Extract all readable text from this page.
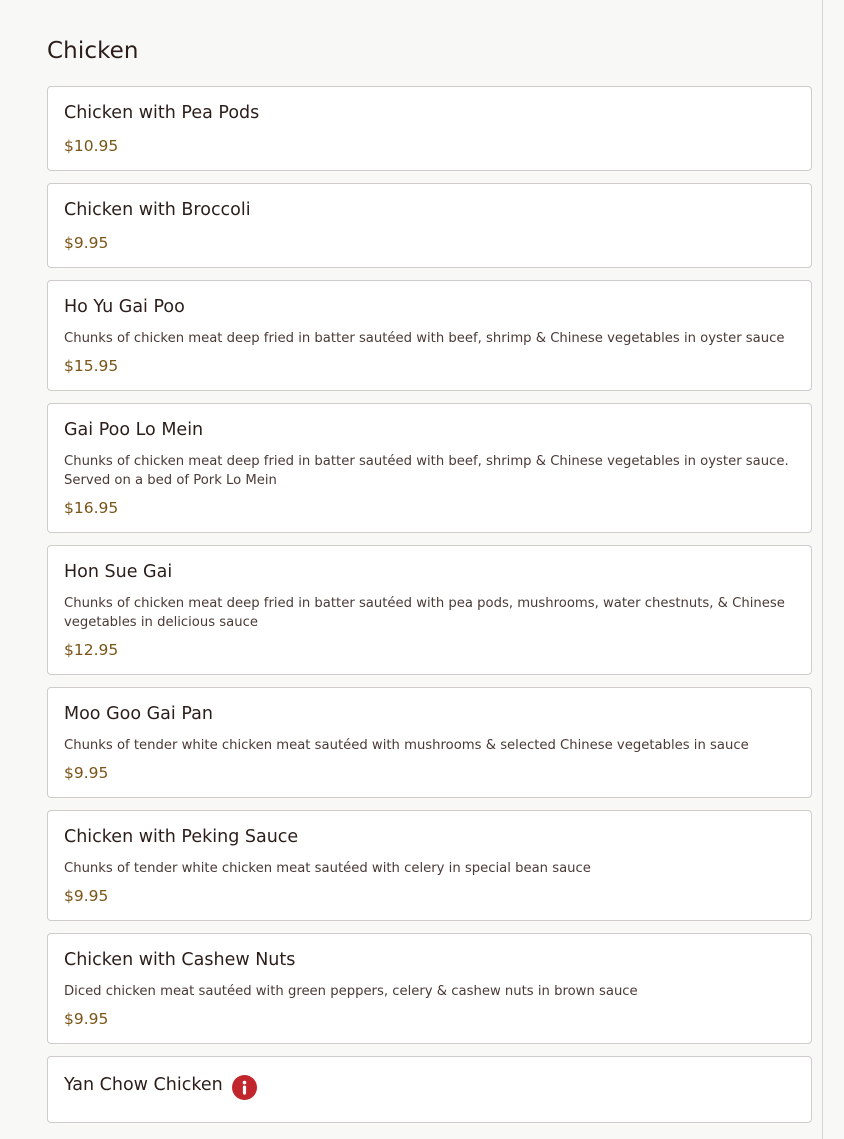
Chicken
Chicken with Pea Pods
$10.95
Chicken with Broccoli
$9.95
Ho Yu Gai Poo
Chunks of chicken meat deep fried in batter sautéed with beef, shrimp & Chinese vegetables in oyster sauce
$15.95
Gai Poo Lo Mein
Chunks of chicken meat deep fried in batter sautéed with beef, shrimp & Chinese vegetables in oyster sauce. Served on a bed of Pork Lo Mein
$16.95
Hon Sue Gai
Chunks of chicken meat deep fried in batter sautéed with pea pods, mushrooms, water chestnuts, & Chinese vegetables in delicious sauce
$12.95
Moo Goo Gai Pan
Chunks of tender white chicken meat sautéed with mushrooms & selected Chinese vegetables in sauce
$9.95
Chicken with Peking Sauce
Chunks of tender white chicken meat sautéed with celery in special bean sauce
$9.95
Chicken with Cashew Nuts
Diced chicken meat sautéed with green peppers, celery & cashew nuts in brown sauce
$9.95
Yan Chow Chicken
